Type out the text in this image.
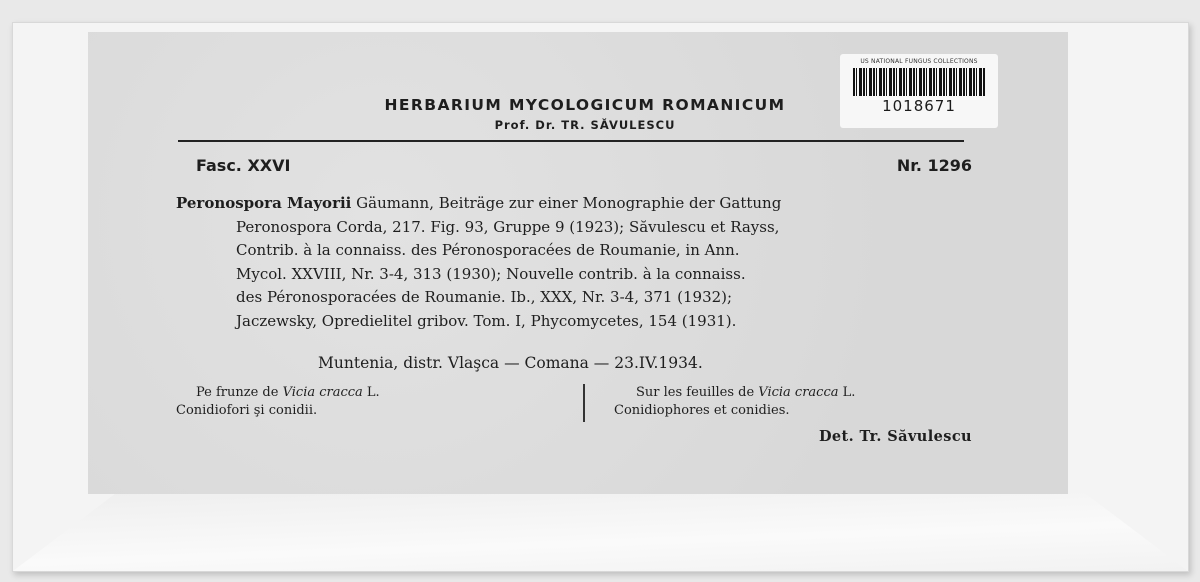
US NATIONAL FUNGUS COLLECTIONS
1018671
HERBARIUM MYCOLOGICUM ROMANICUM
Prof. Dr. TR. SĂVULESCU
Fasc. XXVI	Nr. 1296
Peronospora Mayorii Gäumann, Beiträge zur einer Monographie der Gattung
Peronospora Corda, 217. Fig. 93, Gruppe 9 (1923); Săvulescu et Rayss,
Contrib. à la connaiss. des Péronosporacées de Roumanie, in Ann.
Mycol. XXVIII, Nr. 3-4, 313 (1930); Nouvelle contrib. à la connaiss.
des Péronosporacées de Roumanie. Ib., XXX, Nr. 3-4, 371 (1932);
Jaczewsky, Opredielitel gribov. Tom. I, Phycomycetes, 154 (1931).
Muntenia, distr. Vlaşca — Comana — 23.IV.1934.
Pe frunze de Vicia cracca L.
Conidiofori şi conidii.
Sur les feuilles de Vicia cracca L.
Conidiophores et conidies.
Det. Tr. Săvulescu
